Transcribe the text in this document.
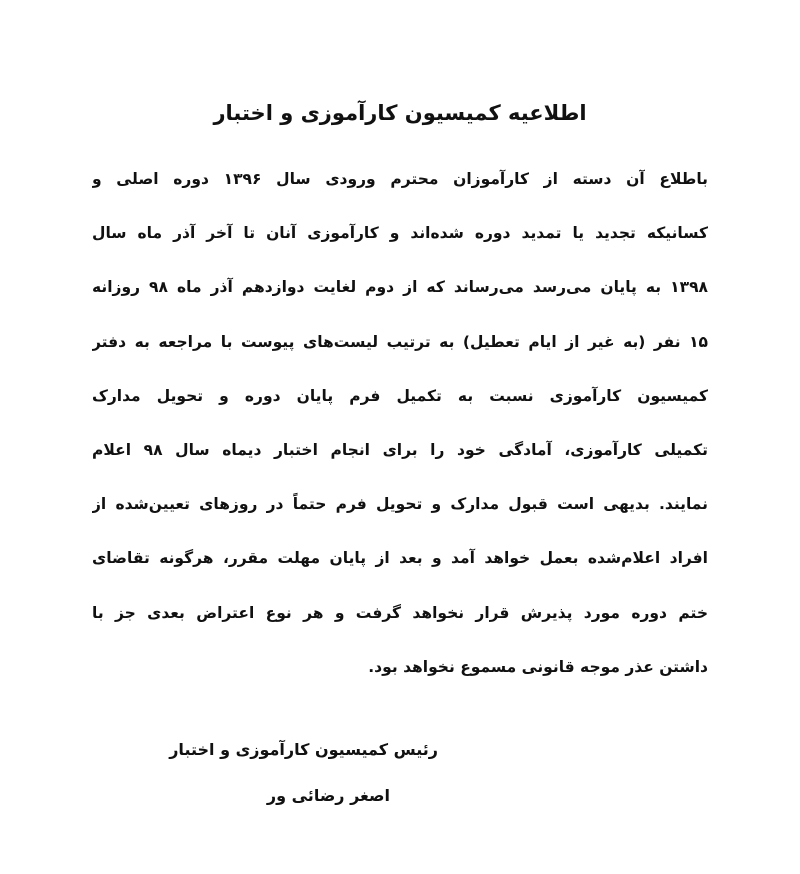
اطلاعیه کمیسیون کارآموزی و اختبار
باطلاع آن دسته از کارآموزان محترم ورودی سال ۱۳۹۶ دوره اصلی و
کسانیکه تجدید یا تمدید دوره شده‌اند و کارآموزی آنان تا آخر آذر ماه سال
۱۳۹۸ به پایان می‌رسد می‌رساند که از دوم لغایت دوازدهم آذر ماه ۹۸ روزانه
۱۵ نفر (به غیر از ایام تعطیل) به ترتیب لیست‌های پیوست با مراجعه به دفتر
کمیسیون کارآموزی نسبت به تکمیل فرم پایان دوره و تحویل مدارک
تکمیلی کارآموزی، آمادگی خود را برای انجام اختبار دیماه سال ۹۸ اعلام
نمایند. بدیهی است قبول مدارک و تحویل فرم حتماً در روزهای تعیین‌شده از
افراد اعلام‌شده بعمل خواهد آمد و بعد از پایان مهلت مقرر، هرگونه تقاضای
ختم دوره مورد پذیرش قرار نخواهد گرفت و هر نوع اعتراض بعدی جز با
داشتن عذر موجه قانونی مسموع نخواهد بود.
رئیس کمیسیون کارآموزی و اختبار
اصغر رضائی ور
